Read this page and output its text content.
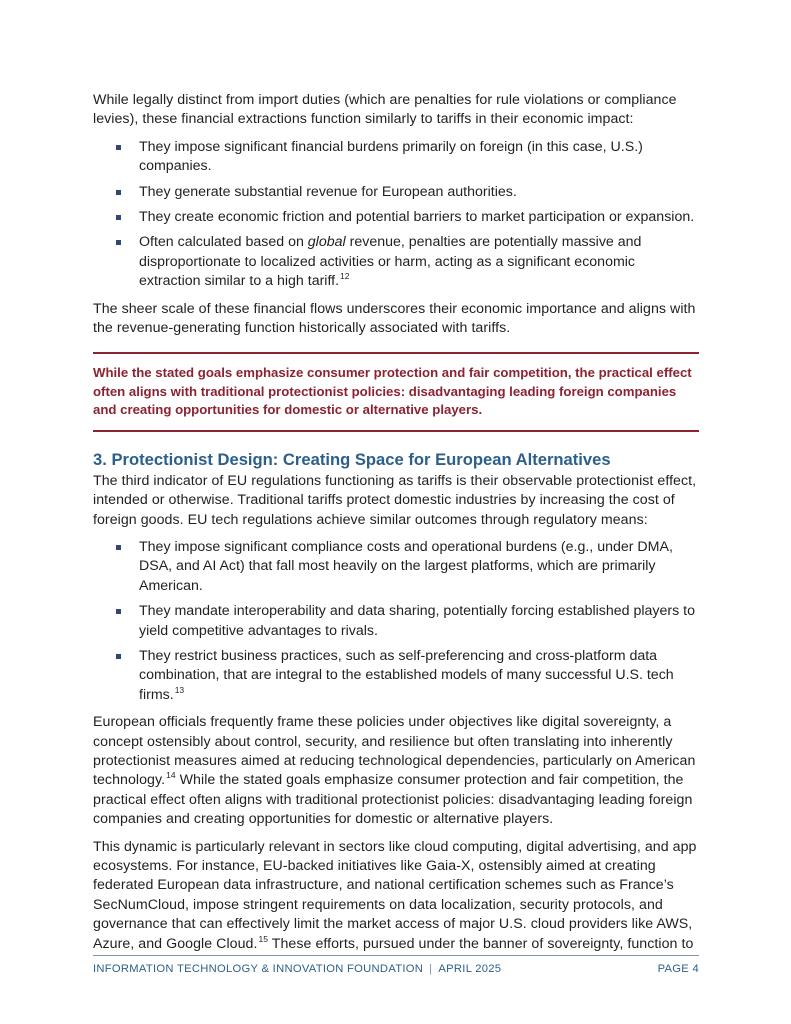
While legally distinct from import duties (which are penalties for rule violations or compliance levies), these financial extractions function similarly to tariffs in their economic impact:

They impose significant financial burdens primarily on foreign (in this case, U.S.) companies.
They generate substantial revenue for European authorities.
They create economic friction and potential barriers to market participation or expansion.
Often calculated based on global revenue, penalties are potentially massive and disproportionate to localized activities or harm, acting as a significant economic extraction similar to a high tariff.$^{12}$

The sheer scale of these financial flows underscores their economic importance and aligns with the revenue-generating function historically associated with tariffs.

While the stated goals emphasize consumer protection and fair competition, the practical effect often aligns with traditional protectionist policies: disadvantaging leading foreign companies and creating opportunities for domestic or alternative players.
3. Protectionist Design: Creating Space for European Alternatives

The third indicator of EU regulations functioning as tariffs is their observable protectionist effect, intended or otherwise. Traditional tariffs protect domestic industries by increasing the cost of foreign goods. EU tech regulations achieve similar outcomes through regulatory means:

They impose significant compliance costs and operational burdens (e.g., under DMA, DSA, and AI Act) that fall most heavily on the largest platforms, which are primarily American.
They mandate interoperability and data sharing, potentially forcing established players to yield competitive advantages to rivals.
They restrict business practices, such as self-preferencing and cross-platform data combination, that are integral to the established models of many successful U.S. tech firms.$^{13}$

European officials frequently frame these policies under objectives like digital sovereignty, a concept ostensibly about control, security, and resilience but often translating into inherently protectionist measures aimed at reducing technological dependencies, particularly on American technology.$^{14}$ While the stated goals emphasize consumer protection and fair competition, the practical effect often aligns with traditional protectionist policies: disadvantaging leading foreign companies and creating opportunities for domestic or alternative players.

This dynamic is particularly relevant in sectors like cloud computing, digital advertising, and app ecosystems. For instance, EU-backed initiatives like Gaia-X, ostensibly aimed at creating federated European data infrastructure, and national certification schemes such as France’s SecNumCloud, impose stringent requirements on data localization, security protocols, and governance that can effectively limit the market access of major U.S. cloud providers like AWS, Azure, and Google Cloud.$^{15}$ These efforts, pursued under the banner of sovereignty, function to

INFORMATION TECHNOLOGY & INNOVATION FOUNDATION | APRIL 2025	PAGE 4
